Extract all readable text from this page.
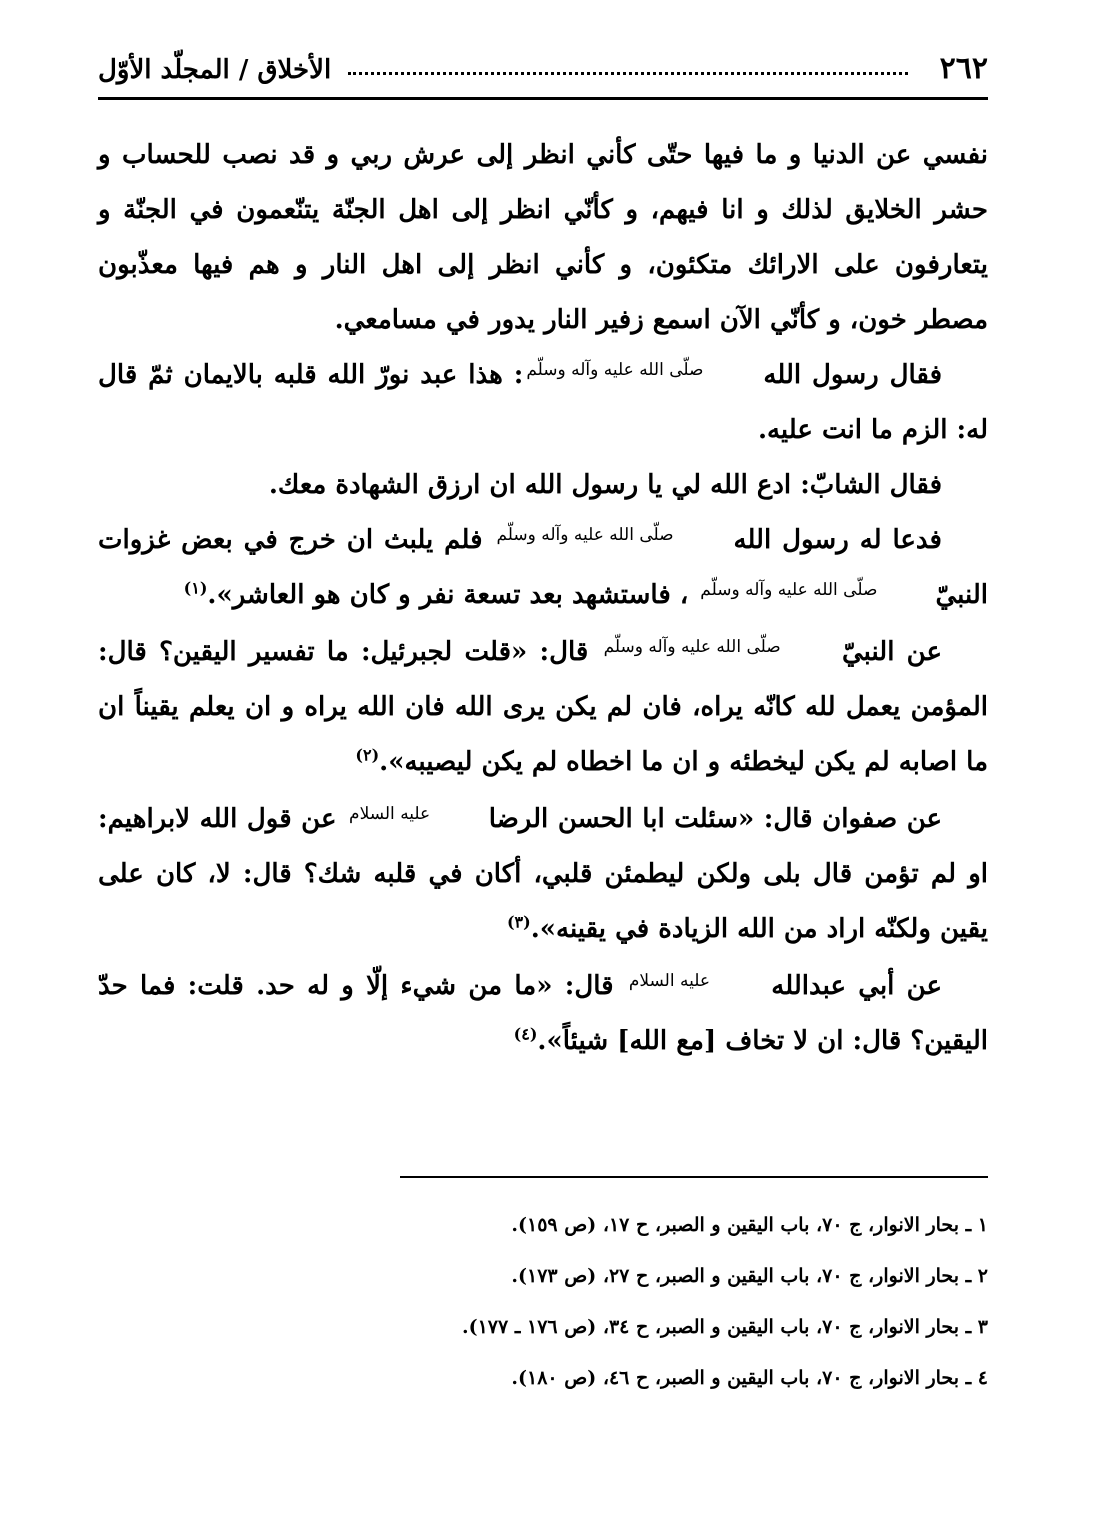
٢٦٢
الأخلاق / المجلّد الأوّل

نفسي عن الدنيا و ما فيها حتّى كأني انظر إلى عرش ربي و قد نصب للحساب و حشر الخلايق لذلك و انا فيهم، و كأنّي انظر إلى اهل الجنّة يتنّعمون في الجنّة و يتعارفون على الارائك متكئون، و كأني انظر إلى اهل النار و هم فيها معذّبون مصطر خون، و كأنّي الآن اسمع زفير النار يدور في مسامعي.

فقال رسول الله صلّى الله عليه وآله وسلّم: هذا عبد نورّ الله قلبه بالايمان ثمّ قال له: الزم ما انت عليه.

فقال الشابّ: ادع الله لي يا رسول الله ان ارزق الشهادة معك.

فدعا له رسول الله صلّى الله عليه وآله وسلّم فلم يلبث ان خرج في بعض غزوات النبيّ صلّى الله عليه وآله وسلّم ، فاستشهد بعد تسعة نفر و كان هو العاشر».$^{(١)}$

عن النبيّ صلّى الله عليه وآله وسلّم قال: «قلت لجبرئيل: ما تفسير اليقين؟ قال: المؤمن يعمل لله كانّه يراه، فان لم يكن يرى الله فان الله يراه و ان يعلم يقيناً ان ما اصابه لم يكن ليخطئه و ان ما اخطاه لم يكن ليصيبه».$^{(٢)}$

عن صفوان قال: «سئلت ابا الحسن الرضا عليه السلام عن قول الله لابراهيم: او لم تؤمن قال بلى ولكن ليطمئن قلبي، أكان في قلبه شك؟ قال: لا، كان على يقين ولكنّه اراد من الله الزيادة في يقينه».$^{(٣)}$

عن أبي عبدالله عليه السلام قال: «ما من شيء إلّا و له حد. قلت: فما حدّ اليقين؟ قال: ان لا تخاف [مع الله] شيئاً».$^{(٤)}$

١ ـ بحار الانوار، ج ٧٠، باب اليقين و الصبر، ح ١٧، (ص ١٥٩).
٢ ـ بحار الانوار، ج ٧٠، باب اليقين و الصبر، ح ٢٧، (ص ١٧٣).
٣ ـ بحار الانوار، ج ٧٠، باب اليقين و الصبر، ح ٣٤، (ص ١٧٦ ـ ١٧٧).
٤ ـ بحار الانوار، ج ٧٠، باب اليقين و الصبر، ح ٤٦، (ص ١٨٠).
